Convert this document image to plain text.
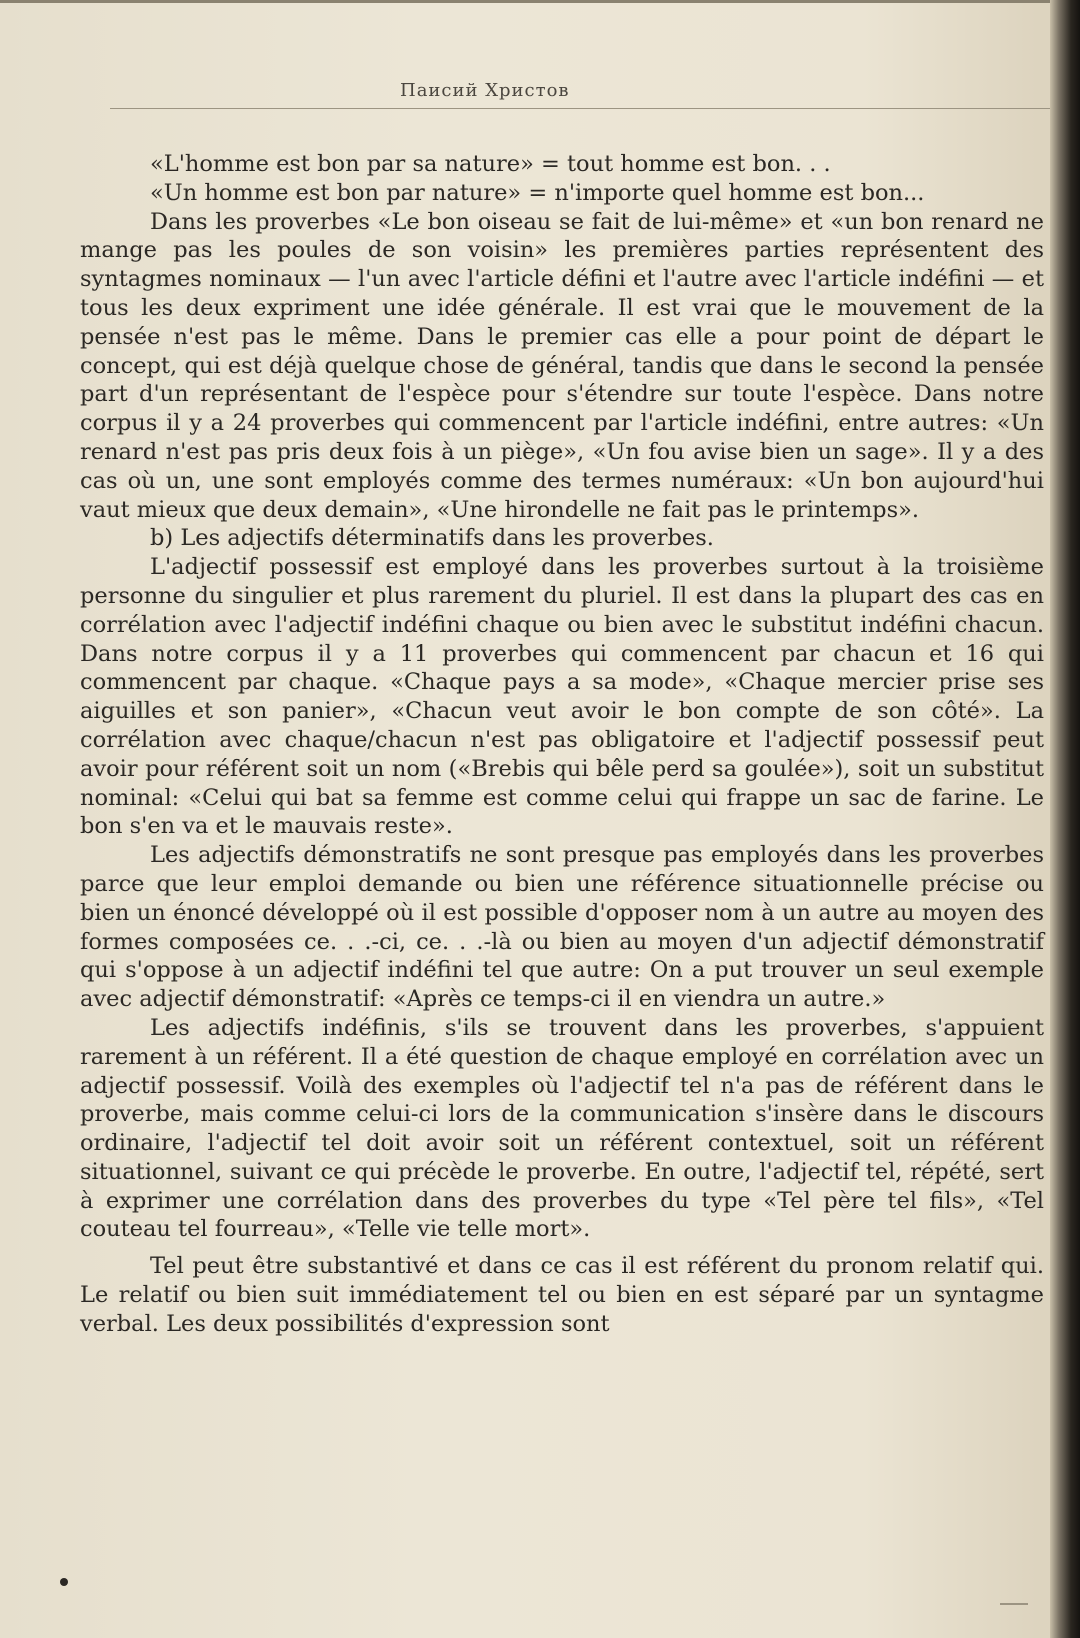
Паисий Христов

«L'homme est bon par sa nature» = tout homme est bon. . .

«Un homme est bon par nature» = n'importe quel homme est bon...

Dans les proverbes «Le bon oiseau se fait de lui-même» et «un bon renard ne mange pas les poules de son voisin» les premières parties représentent des syntagmes nominaux — l'un avec l'article défini et l'autre avec l'article indéfini — et tous les deux expriment une idée générale. Il est vrai que le mouvement de la pensée n'est pas le même. Dans le premier cas elle a pour point de départ le concept, qui est déjà quelque chose de général, tandis que dans le second la pensée part d'un représentant de l'espèce pour s'étendre sur toute l'espèce. Dans notre corpus il y a 24 proverbes qui commencent par l'article indéfini, entre autres: «Un renard n'est pas pris deux fois à un piège», «Un fou avise bien un sage». Il y a des cas où un, une sont employés comme des termes numéraux: «Un bon aujourd'hui vaut mieux que deux demain», «Une hirondelle ne fait pas le printemps».

b) Les adjectifs déterminatifs dans les proverbes.

L'adjectif possessif est employé dans les proverbes surtout à la troisième personne du singulier et plus rarement du pluriel. Il est dans la plupart des cas en corrélation avec l'adjectif indéfini chaque ou bien avec le substitut indéfini chacun. Dans notre corpus il y a 11 proverbes qui commencent par chacun et 16 qui commencent par chaque. «Chaque pays a sa mode», «Chaque mercier prise ses aiguilles et son panier», «Chacun veut avoir le bon compte de son côté». La corrélation avec chaque/chacun n'est pas obligatoire et l'adjectif possessif peut avoir pour référent soit un nom («Brebis qui bêle perd sa goulée»), soit un substitut nominal: «Celui qui bat sa femme est comme celui qui frappe un sac de farine. Le bon s'en va et le mauvais reste».

Les adjectifs démonstratifs ne sont presque pas employés dans les proverbes parce que leur emploi demande ou bien une référence situationnelle précise ou bien un énoncé développé où il est possible d'opposer nom à un autre au moyen des formes composées ce. . .-ci, ce. . .-là ou bien au moyen d'un adjectif démonstratif qui s'oppose à un adjectif indéfini tel que autre: On a put trouver un seul exemple avec adjectif démonstratif: «Après ce temps-ci il en viendra un autre.»

Les adjectifs indéfinis, s'ils se trouvent dans les proverbes, s'appuient rarement à un référent. Il a été question de chaque employé en corrélation avec un adjectif possessif. Voilà des exemples où l'adjectif tel n'a pas de référent dans le proverbe, mais comme celui-ci lors de la communication s'insère dans le discours ordinaire, l'adjectif tel doit avoir soit un référent contextuel, soit un référent situationnel, suivant ce qui précède le proverbe. En outre, l'adjectif tel, répété, sert à exprimer une corrélation dans des proverbes du type «Tel père tel fils», «Tel couteau tel fourreau», «Telle vie telle mort».

Tel peut être substantivé et dans ce cas il est référent du pronom relatif qui. Le relatif ou bien suit immédiatement tel ou bien en est séparé par un syntagme verbal. Les deux possibilités d'expression sont
